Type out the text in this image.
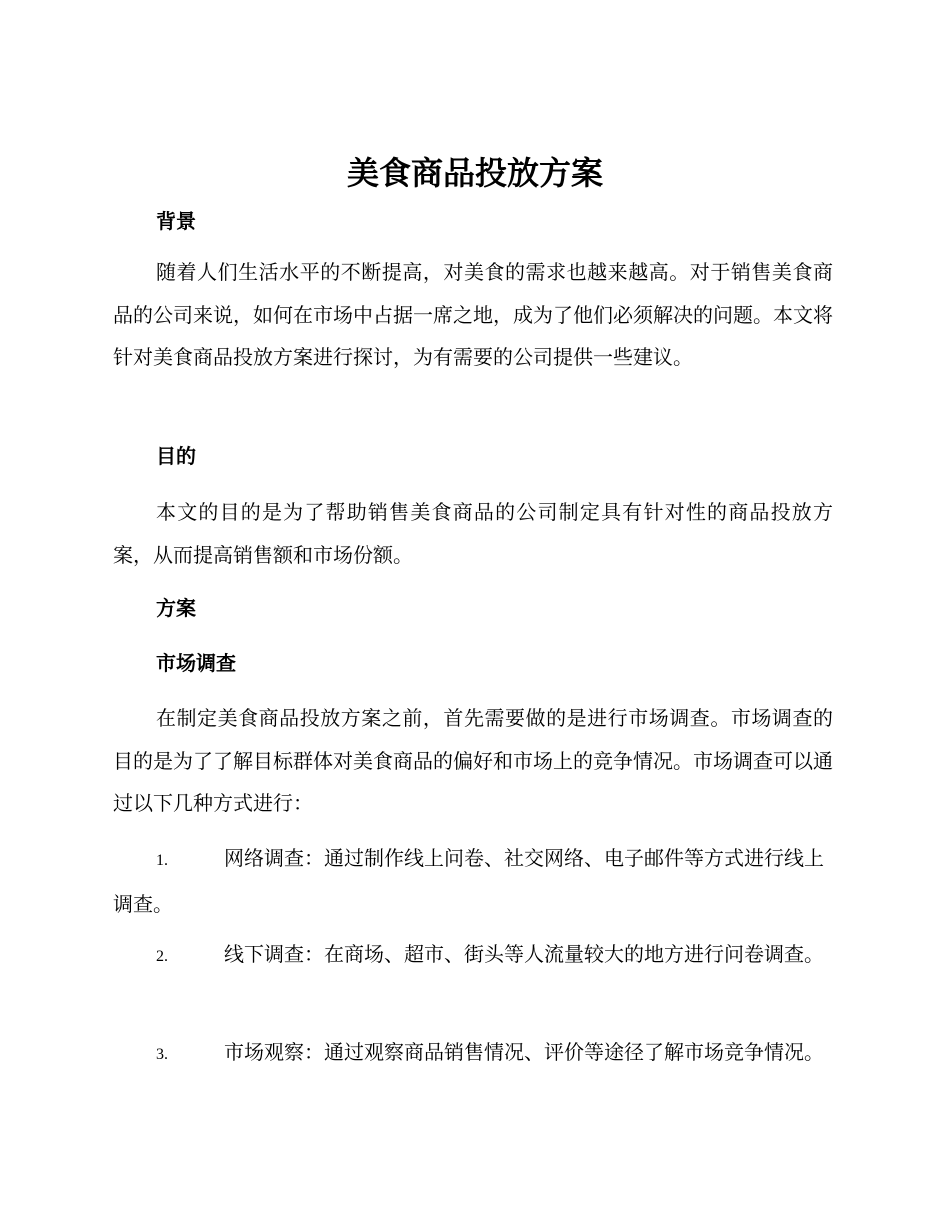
美食商品投放方案
背景

随着人们生活水平的不断提高，对美食的需求也越来越高。对于销售美食商品的公司来说，如何在市场中占据一席之地，成为了他们必须解决的问题。本文将针对美食商品投放方案进行探讨，为有需要的公司提供一些建议。

目的

本文的目的是为了帮助销售美食商品的公司制定具有针对性的商品投放方案，从而提高销售额和市场份额。

方案
市场调查

在制定美食商品投放方案之前，首先需要做的是进行市场调查。市场调查的目的是为了了解目标群体对美食商品的偏好和市场上的竞争情况。市场调查可以通过以下几种方式进行：

1.	网络调查：通过制作线上问卷、社交网络、电子邮件等方式进行线上调查。

2.	线下调查：在商场、超市、街头等人流量较大的地方进行问卷调查。

3.	市场观察：通过观察商品销售情况、评价等途径了解市场竞争情况。
